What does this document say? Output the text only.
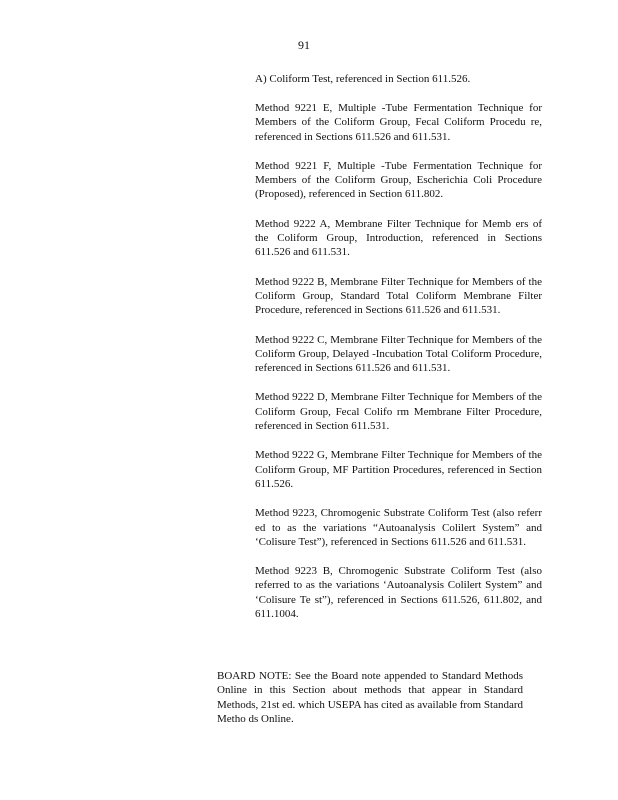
91

A) Coliform Test, referenced in Section 611.526.

Method 9221 E, Multiple -Tube Fermentation Technique for Members of the Coliform Group, Fecal Coliform Procedu re, referenced in Sections 611.526 and 611.531.

Method 9221 F, Multiple -Tube Fermentation Technique for Members of the Coliform Group, Escherichia Coli Procedure (Proposed), referenced in Section 611.802.

Method 9222 A, Membrane Filter Technique for Memb ers of the Coliform Group, Introduction, referenced in Sections 611.526 and 611.531.

Method 9222 B, Membrane Filter Technique for Members of the Coliform Group, Standard Total Coliform Membrane Filter Procedure, referenced in Sections 611.526 and 611.531.

Method 9222 C, Membrane Filter Technique for Members of the Coliform Group, Delayed -Incubation Total Coliform Procedure, referenced in Sections 611.526 and 611.531.

Method 9222 D, Membrane Filter Technique for Members of the Coliform Group, Fecal Colifo rm Membrane Filter Procedure, referenced in Section 611.531.

Method 9222 G, Membrane Filter Technique for Members of the Coliform Group, MF Partition Procedures, referenced in Section 611.526.

Method 9223, Chromogenic Substrate Coliform Test (also referr ed to as the variations “Autoanalysis Colilert System” and ‘Colisure Test”), referenced in Sections 611.526 and 611.531.

Method 9223 B, Chromogenic Substrate Coliform Test (also referred to as the variations ‘Autoanalysis Colilert System” and ‘Colisure Te st”), referenced in Sections 611.526, 611.802, and 611.1004.

BOARD NOTE: See the Board note appended to Standard Methods Online in this Section about methods that appear in Standard Methods, 21st ed. which USEPA has cited as available from Standard Metho ds Online.
